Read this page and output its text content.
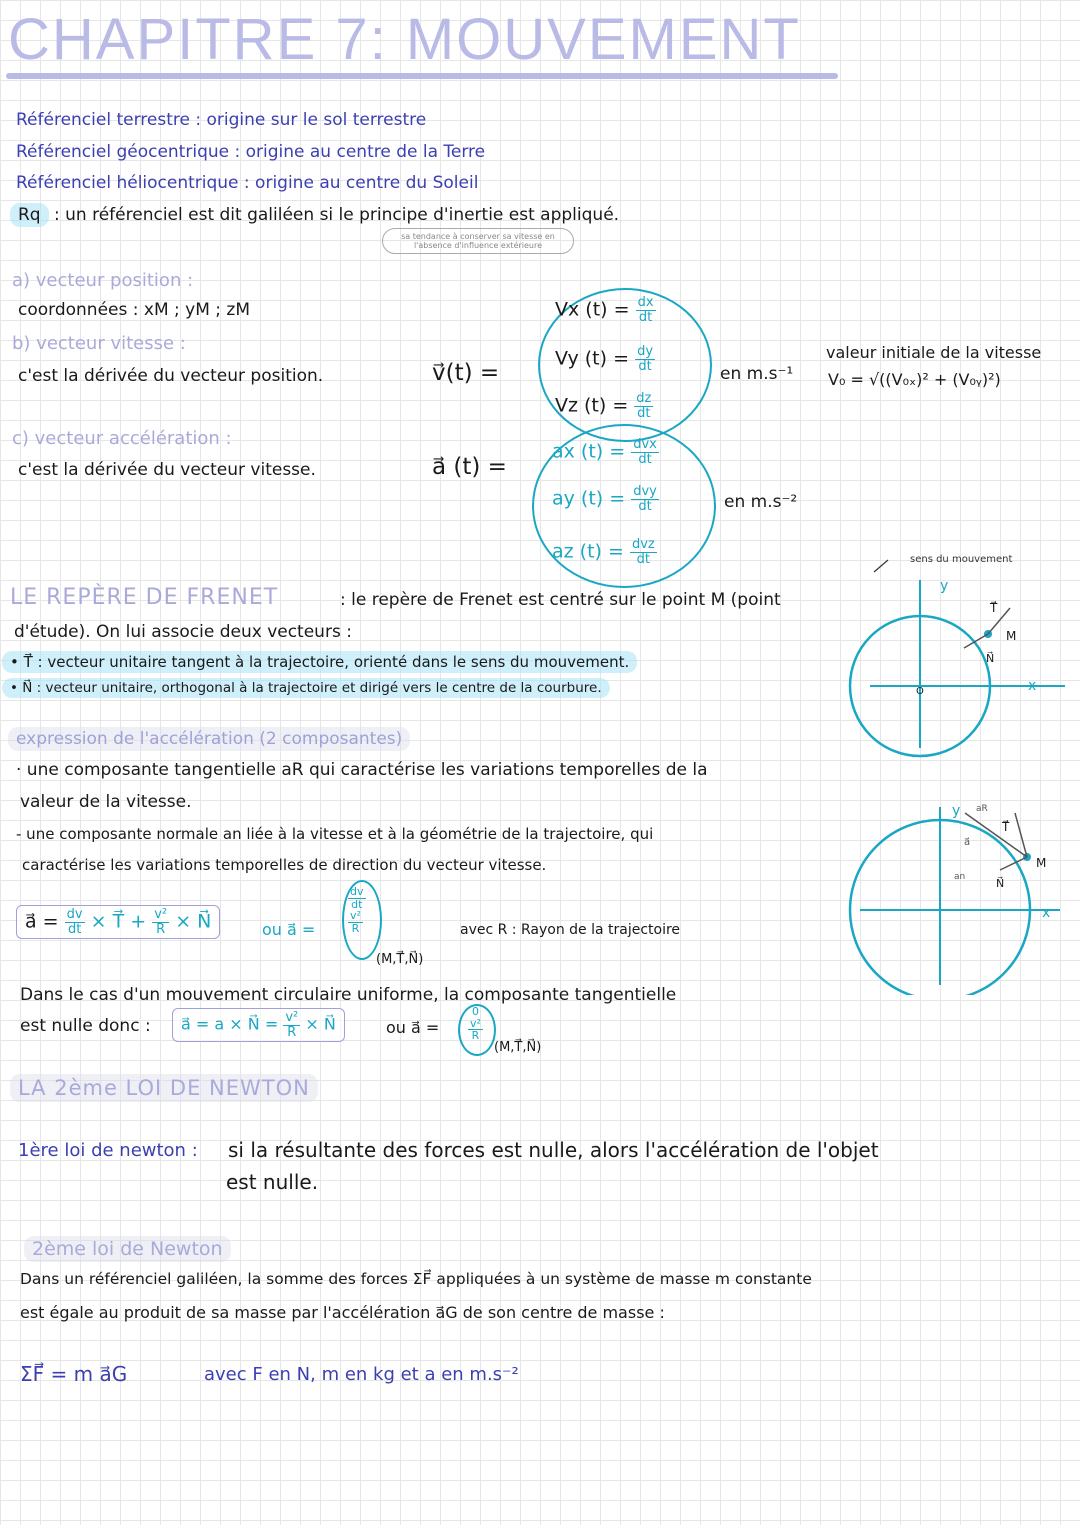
CHAPITRE 7: MOUVEMENT
Référenciel terrestre : origine sur le sol terrestre
Référenciel géocentrique : origine au centre de la Terre
Référenciel héliocentrique : origine au centre du Soleil
Rq : un référenciel est dit galiléen si le principe d'inertie est appliqué.
sa tendance à conserver sa vitesse en l'absence d'influence extérieure
a) vecteur position :
coordonnées : xM ; yM ; zM
b) vecteur vitesse :
c'est la dérivée du vecteur position.	v⃗(t) =
Vx $(t) = \frac{dx}{dt}$
Vy $(t) = \frac{dy}{dt}$
Vz $(t) = \frac{dz}{dt}$
en m.s⁻¹
valeur initiale de la vitesse
V₀ = √((V₀ₓ)² + (V₀ᵧ)²)
c) vecteur accélération :
c'est la dérivée du vecteur vitesse.	a⃗ (t) =
ax $(t) = \frac{\text{dvx}}{dt}$
ay $(t) = \frac{\text{dvy}}{dt}$
az $(t) = \frac{\text{dvz}}{dt}$
en m.s⁻²
LE REPÈRE DE FRENET	: le repère de Frenet est centré sur le point M (point
d'étude). On lui associe deux vecteurs :
• T⃗ : vecteur unitaire tangent à la trajectoire, orienté dans le sens du mouvement.
• N⃗ : vecteur unitaire, orthogonal à la trajectoire et dirigé vers le centre de la courbure.
sens du mouvement
y
x
O
M
T⃗
N⃗
expression de l'accélération (2 composantes)
· une composante tangentielle aR qui caractérise les variations temporelles de la
valeur de la vitesse.
- une composante normale an liée à la vitesse et à la géométrie de la trajectoire, qui
caractérise les variations temporelles de direction du vecteur vitesse.
a⃗ = $\frac{dv}{dt}$ × T⃗ + $\frac{\text{v²}}{R}$ × N⃗	ou a⃗ =
$\frac{dv}{dt}$

$\frac{\text{v²}}{R}$
(M,T⃗,N⃗)
avec R : Rayon de la trajectoire
y
x
M
T⃗
N⃗
aR
an
a⃗
Dans le cas d'un mouvement circulaire uniforme, la composante tangentielle
est nulle donc :	a⃗ = a × N⃗ = $\frac{\text{v²}}{R}$ × N⃗	ou a⃗ =
0

$\frac{\text{v²}}{R}$
(M,T⃗,N⃗)
LA 2ème LOI DE NEWTON
1ère loi de newton : si la résultante des forces est nulle, alors l'accélération de l'objet
est nulle.
2ème loi de Newton
Dans un référenciel galiléen, la somme des forces ΣF⃗ appliquées à un système de masse m constante
est égale au produit de sa masse par l'accélération a⃗G de son centre de masse :
ΣF⃗ = m a⃗G	avec F en N, m en kg et a en m.s⁻²
